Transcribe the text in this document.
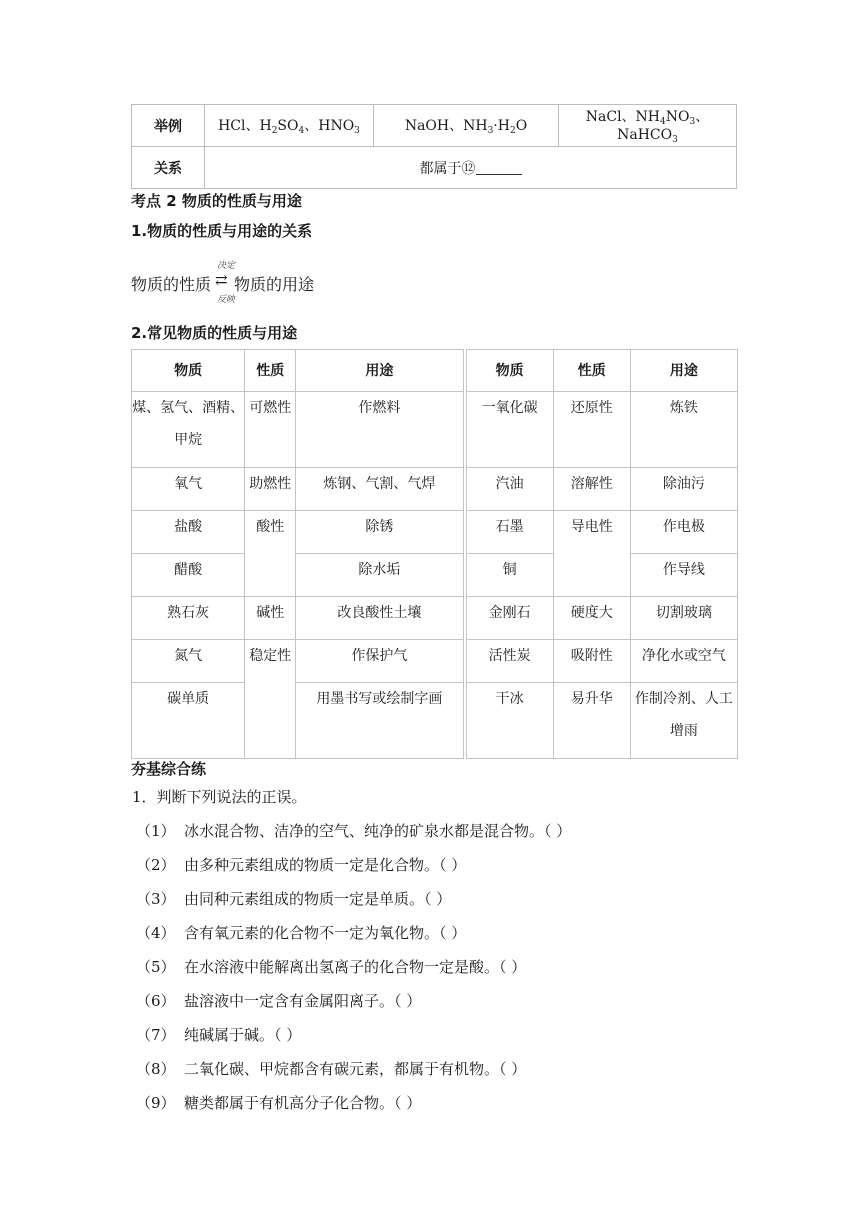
举例	HCl、$H_2SO_4$、$HNO_3$	NaOH、$NH_3\cdot H_2O$	NaCl、$NH_4NO_3$、NaHCO$_3$
关系	都属于⑫		
考点 2 物质的性质与用途
1.物质的性质与用途的关系
物质的性质
决定
⇄
反映
物质的用途
2.常见物质的性质与用途
物质	性质	用途		物质	性质	用途
煤、氢气、酒精、甲烷	可燃性	作燃料		一氧化碳	还原性	炼铁
氧气	助燃性	炼钢、气割、气焊		汽油	溶解性	除油污
盐酸	酸性	除锈		石墨	导电性	作电极
醋酸		除水垢		铜		作导线
熟石灰	碱性	改良酸性土壤		金刚石	硬度大	切割玻璃
氮气	稳定性	作保护气		活性炭	吸附性	净化水或空气
碳单质		用墨书写或绘制字画		干冰	易升华	作制冷剂、人工增雨
夯基综合练
1．判断下列说法的正误。
（1） 冰水混合物、洁净的空气、纯净的矿泉水都是混合物。（ ）
（2） 由多种元素组成的物质一定是化合物。（ ）
（3） 由同种元素组成的物质一定是单质。（ ）
（4） 含有氧元素的化合物不一定为氧化物。（ ）
（5） 在水溶液中能解离出氢离子的化合物一定是酸。（ ）
（6） 盐溶液中一定含有金属阳离子。（ ）
（7） 纯碱属于碱。（ ）
（8） 二氧化碳、甲烷都含有碳元素，都属于有机物。（ ）
（9） 糖类都属于有机高分子化合物。（ ）
